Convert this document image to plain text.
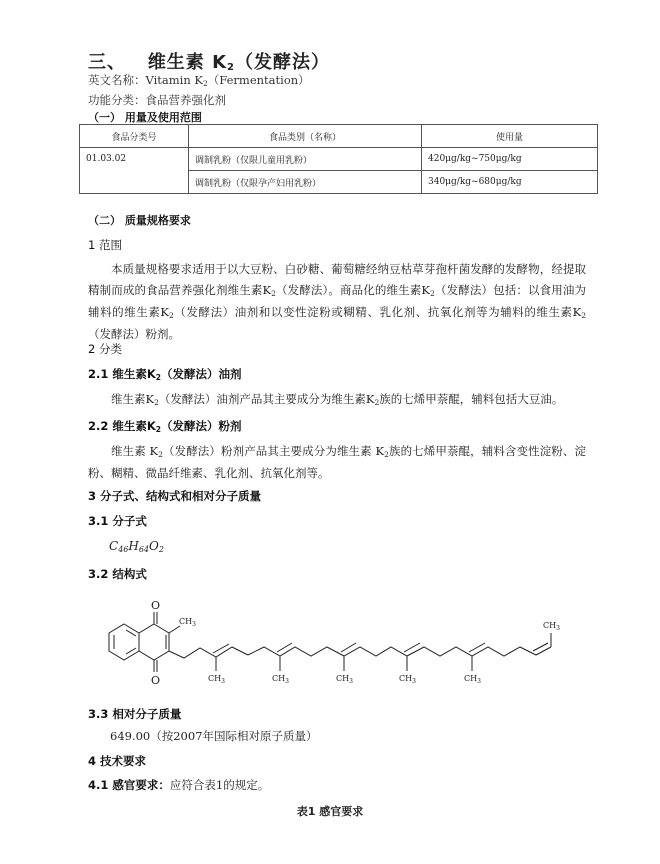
三、 维生素 K2（发酵法）
英文名称：Vitamin K2（Fermentation）
功能分类：食品营养强化剂
（一） 用量及使用范围
食品分类号	食品类别（名称）	使用量
01.03.02	调制乳粉（仅限儿童用乳粉）	420μg/kg~750μg/kg
	调制乳粉（仅限孕产妇用乳粉）	340μg/kg~680μg/kg
（二） 质量规格要求
1 范围
本质量规格要求适用于以大豆粉、白砂糖、葡萄糖经纳豆枯草芽孢杆菌发酵的发酵物，经提取精制而成的食品营养强化剂维生素K2（发酵法）。商品化的维生素K2（发酵法）包括：以食用油为辅料的维生素K2（发酵法）油剂和以变性淀粉或糊精、乳化剂、抗氧化剂等为辅料的维生素K2（发酵法）粉剂。
2 分类
2.1 维生素K2（发酵法）油剂
维生素K2（发酵法）油剂产品其主要成分为维生素K2族的七烯甲萘醌，辅料包括大豆油。
2.2 维生素K2（发酵法）粉剂
维生素 K2（发酵法）粉剂产品其主要成分为维生素 K2族的七烯甲萘醌，辅料含变性淀粉、淀粉、糊精、微晶纤维素、乳化剂、抗氧化剂等。
3 分子式、结构式和相对分子质量
3.1 分子式
C46H64O2
3.2 结构式
O
O
$CH_3$
$CH_3$	$CH_3$	$CH_3$	$CH_3$	$CH_3$
$CH_3$
3.3 相对分子质量
649.00（按2007年国际相对原子质量）
4 技术要求
4.1 感官要求：应符合表1的规定。
表1 感官要求
